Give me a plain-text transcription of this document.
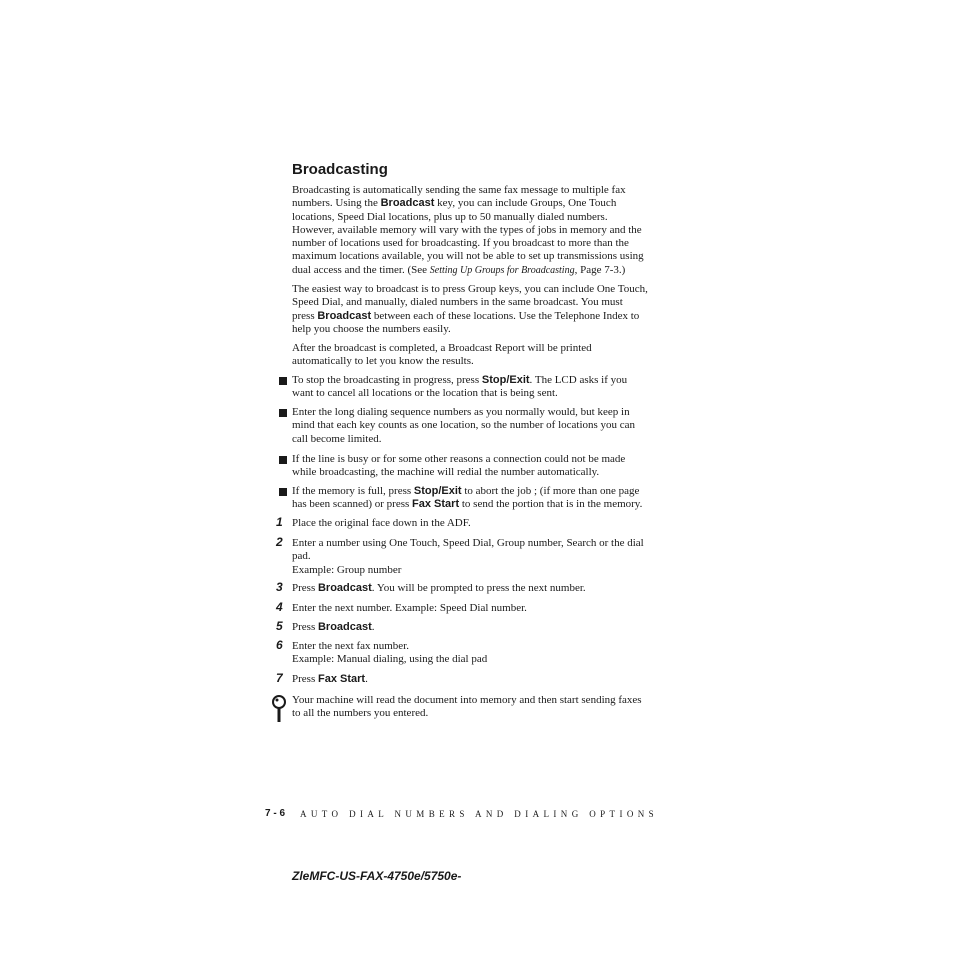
Broadcasting
Broadcasting is automatically sending the same fax message to multiple fax
numbers. Using the Broadcast key, you can include Groups, One Touch
locations, Speed Dial locations, plus up to 50 manually dialed numbers.
However, available memory will vary with the types of jobs in memory and the
number of locations used for broadcasting. If you broadcast to more than the
maximum locations available, you will not be able to set up transmissions using
dual access and the timer. (See Setting Up Groups for Broadcasting, Page 7-3.)
The easiest way to broadcast is to press Group keys, you can include One Touch,
Speed Dial, and manually, dialed numbers in the same broadcast. You must
press Broadcast between each of these locations. Use the Telephone Index to
help you choose the numbers easily.
After the broadcast is completed, a Broadcast Report will be printed
automatically to let you know the results.
To stop the broadcasting in progress, press Stop/Exit. The LCD asks if you
want to cancel all locations or the location that is being sent.
Enter the long dialing sequence numbers as you normally would, but keep in
mind that each key counts as one location, so the number of locations you can
call become limited.
If the line is busy or for some other reasons a connection could not be made
while broadcasting, the machine will redial the number automatically.
If the memory is full, press Stop/Exit to abort the job ; (if more than one page
has been scanned) or press Fax Start to send the portion that is in the memory.
1 Place the original face down in the ADF.
2 Enter a number using One Touch, Speed Dial, Group number, Search or the dial
pad.
Example: Group number
3 Press Broadcast. You will be prompted to press the next number.
4 Enter the next number. Example: Speed Dial number.
5 Press Broadcast.
6 Enter the next fax number.
Example: Manual dialing, using the dial pad
7 Press Fax Start.
Your machine will read the document into memory and then start sending faxes
to all the numbers you entered.
7 - 6 AUTO DIAL NUMBERS AND DIALING OPTIONS
ZleMFC-US-FAX-4750e/5750e-
